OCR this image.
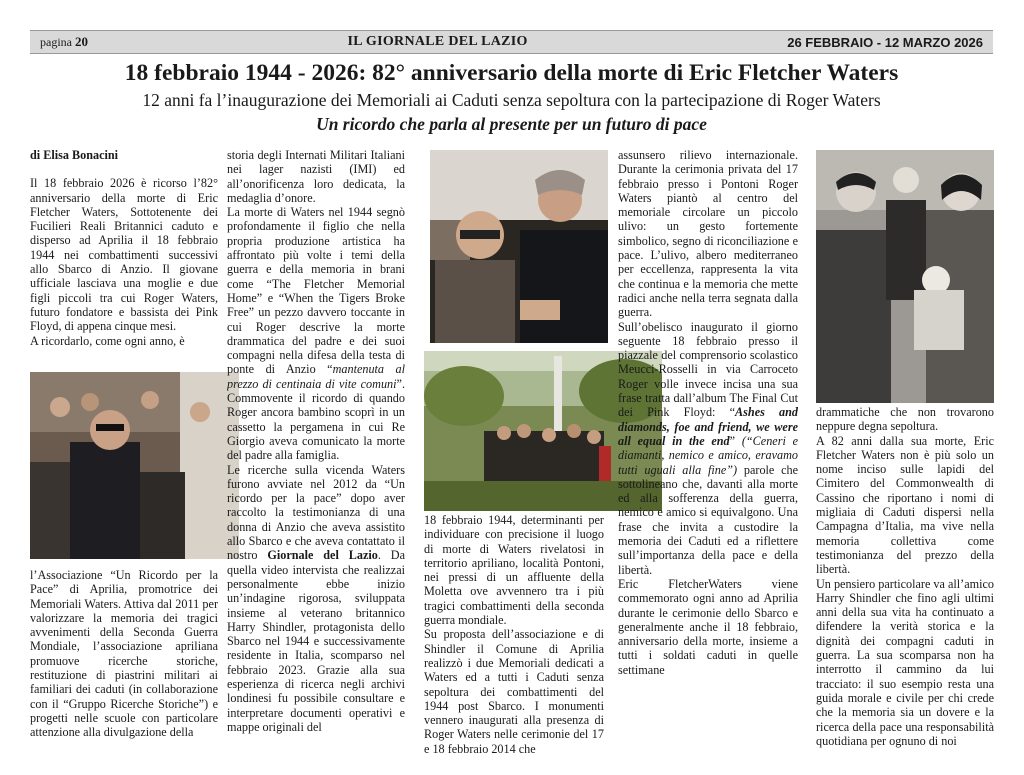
pagina 20	IL GIORNALE DEL LAZIO	26 FEBBRAIO - 12 MARZO 2026
18 febbraio 1944 - 2026: 82° anniversario della morte di Eric Fletcher Waters
12 anni fa l’inaugurazione dei Memoriali ai Caduti senza sepoltura con la partecipazione di Roger Waters
Un ricordo che parla al presente per un futuro di pace

di Elisa Bonacini

Il 18 febbraio 2026 è ricorso l’82° anniversario della morte di Eric Fletcher Waters, Sottotenente dei Fucilieri Reali Britannici caduto e disperso ad Aprilia il 18 febbraio 1944 nei combattimenti successivi allo Sbarco di Anzio. Il giovane ufficiale lasciava una moglie e due figli piccoli tra cui Roger Waters, futuro fondatore e bassista dei Pink Floyd, di appena cinque mesi.

A ricordarlo, come ogni anno, è

l’Associazione “Un Ricordo per la Pace” di Aprilia, promotrice dei Memoriali Waters. Attiva dal 2011 per valorizzare la memoria dei tragici avvenimenti della Seconda Guerra Mondiale, l’associazione apriliana promuove ricerche storiche, restituzione di piastrini militari ai familiari dei caduti (in collaborazione con il “Gruppo Ricerche Storiche”) e progetti nelle scuole con particolare attenzione alla divulgazione della

storia degli Internati Militari Italiani nei lager nazisti (IMI) ed all’onorificenza loro dedicata, la medaglia d’onore.

La morte di Waters nel 1944 segnò profondamente il figlio che nella propria produzione artistica ha affrontato più volte i temi della guerra e della memoria in brani come “The Fletcher Memorial Home” e “When the Tigers Broke Free” un pezzo davvero toccante in cui Roger descrive la morte drammatica del padre e dei suoi compagni nella difesa della testa di ponte di Anzio “mantenuta al prezzo di centinaia di vite comuni”. Commovente il ricordo di quando Roger ancora bambino scoprì in un cassetto la pergamena in cui Re Giorgio aveva comunicato la morte del padre alla famiglia.

Le ricerche sulla vicenda Waters furono avviate nel 2012 da “Un ricordo per la pace” dopo aver raccolto la testimonianza di una donna di Anzio che aveva assistito allo Sbarco e che aveva contattato il nostro Giornale del Lazio. Da quella video intervista che realizzai personalmente ebbe inizio un’indagine rigorosa, sviluppata insieme al veterano britannico Harry Shindler, protagonista dello Sbarco nel 1944 e successivamente residente in Italia, scomparso nel febbraio 2023. Grazie alla sua esperienza di ricerca negli archivi londinesi fu possibile consultare e interpretare documenti operativi e mappe originali del

18 febbraio 1944, determinanti per individuare con precisione il luogo di morte di Waters rivelatosi in territorio apriliano, località Pontoni, nei pressi di un affluente della Moletta ove avvennero tra i più tragici combattimenti della seconda guerra mondiale.

Su proposta dell’associazione e di Shindler il Comune di Aprilia realizzò i due Memoriali dedicati a Waters ed a tutti i Caduti senza sepoltura dei combattimenti del 1944 post Sbarco. I monumenti vennero inaugurati alla presenza di Roger Waters nelle cerimonie del 17 e 18 febbraio 2014 che

assunsero rilievo internazionale. Durante la cerimonia privata del 17 febbraio presso i Pontoni Roger Waters piantò al centro del memoriale circolare un piccolo ulivo: un gesto fortemente simbolico, segno di riconciliazione e pace. L’ulivo, albero mediterraneo per eccellenza, rappresenta la vita che continua e la memoria che mette radici anche nella terra segnata dalla guerra.

Sull’obelisco inaugurato il giorno seguente 18 febbraio presso il piazzale del comprensorio scolastico Meucci-Rosselli in via Carroceto Roger volle invece incisa una sua frase tratta dall’album The Final Cut dei Pink Floyd: “Ashes and diamonds, foe and friend, we were all equal in the end” (“Ceneri e diamanti, nemico e amico, eravamo tutti uguali alla fine”) parole che sottolineano che, davanti alla morte ed alla sofferenza della guerra, nemico e amico si equivalgono. Una frase che invita a custodire la memoria dei Caduti ed a riflettere sull’importanza della pace e della libertà.

Eric FletcherWaters viene commemorato ogni anno ad Aprilia durante le cerimonie dello Sbarco e generalmente anche il 18 febbraio, anniversario della morte, insieme a tutti i soldati caduti in quelle settimane

drammatiche che non trovarono neppure degna sepoltura.

A 82 anni dalla sua morte, Eric Fletcher Waters non è più solo un nome inciso sulle lapidi del Cimitero del Commonwealth di Cassino che riportano i nomi di migliaia di Caduti dispersi nella Campagna d’Italia, ma vive nella memoria collettiva come testimonianza del prezzo della libertà.

Un pensiero particolare va all’amico Harry Shindler che fino agli ultimi anni della sua vita ha continuato a difendere la verità storica e la dignità dei compagni caduti in guerra. La sua scomparsa non ha interrotto il cammino da lui tracciato: il suo esempio resta una guida morale e civile per chi crede che la memoria sia un dovere e la ricerca della pace una responsabilità quotidiana per ognuno di noi
